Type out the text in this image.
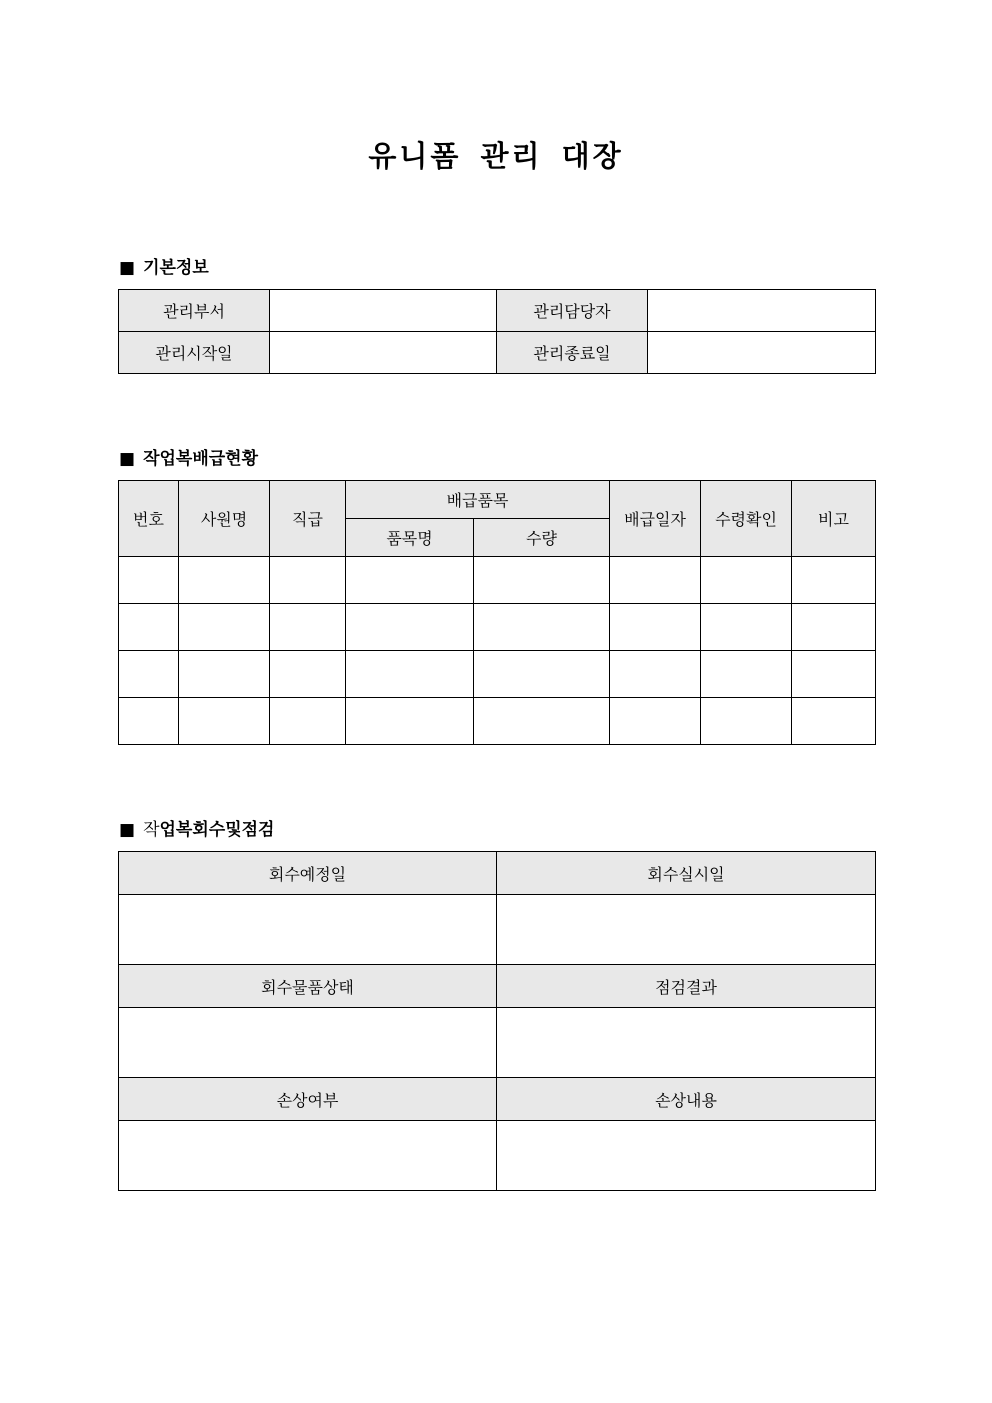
유니폼 관리 대장
■ 기본정보
관리부서		관리담당자	
관리시작일		관리종료일	
■ 작업복배급현황
번호	사원명	직급	배급품목		배급일자	수령확인	비고
			품목명	수량			

■ 작업복회수및점검
회수예정일	회수실시일

회수물품상태	점검결과

손상여부	손상내용
